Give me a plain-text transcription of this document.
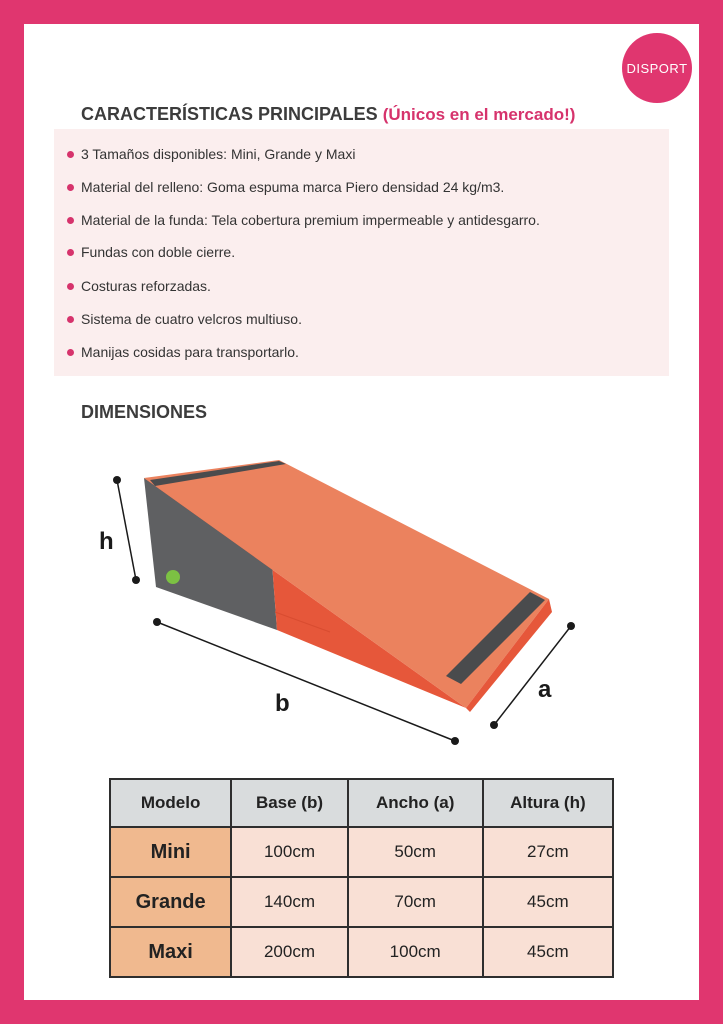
DISPORT
CARACTERÍSTICAS PRINCIPALES (Únicos en el mercado!)
3 Tamaños disponibles: Mini, Grande y Maxi
Material del relleno: Goma espuma marca Piero densidad 24 kg/m3.
Material de la funda: Tela cobertura premium impermeable y antidesgarro.
Fundas con doble cierre.
Costuras reforzadas.
Sistema de cuatro velcros multiuso.
Manijas cosidas para transportarlo.
DIMENSIONES
h
b
a
Modelo	Base (b)	Ancho (a)	Altura (h)
Mini	100cm	50cm	27cm
Grande	140cm	70cm	45cm
Maxi	200cm	100cm	45cm
